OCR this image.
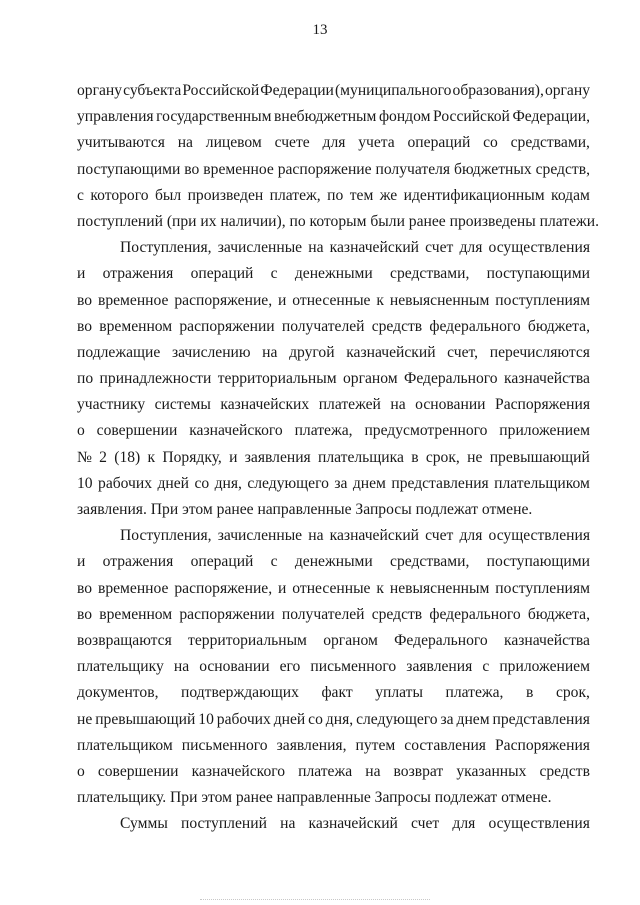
13
органу субъекта Российской Федерации (муниципального образования), органу
управления государственным внебюджетным фондом Российской Федерации,
учитываются на лицевом счете для учета операций со средствами,
поступающими во временное распоряжение получателя бюджетных средств,
с которого был произведен платеж, по тем же идентификационным кодам
поступлений (при их наличии), по которым были ранее произведены платежи.
Поступления, зачисленные на казначейский счет для осуществления
и отражения операций с денежными средствами, поступающими
во временное распоряжение, и отнесенные к невыясненным поступлениям
во временном распоряжении получателей средств федерального бюджета,
подлежащие зачислению на другой казначейский счет, перечисляются
по принадлежности территориальным органом Федерального казначейства
участнику системы казначейских платежей на основании Распоряжения
о совершении казначейского платежа, предусмотренного приложением
№ 2 (18) к Порядку, и заявления плательщика в срок, не превышающий
10 рабочих дней со дня, следующего за днем представления плательщиком
заявления. При этом ранее направленные Запросы подлежат отмене.
Поступления, зачисленные на казначейский счет для осуществления
и отражения операций с денежными средствами, поступающими
во временное распоряжение, и отнесенные к невыясненным поступлениям
во временном распоряжении получателей средств федерального бюджета,
возвращаются территориальным органом Федерального казначейства
плательщику на основании его письменного заявления с приложением
документов, подтверждающих факт уплаты платежа, в срок,
не превышающий 10 рабочих дней со дня, следующего за днем представления
плательщиком письменного заявления, путем составления Распоряжения
о совершении казначейского платежа на возврат указанных средств
плательщику. При этом ранее направленные Запросы подлежат отмене.
Суммы поступлений на казначейский счет для осуществления
